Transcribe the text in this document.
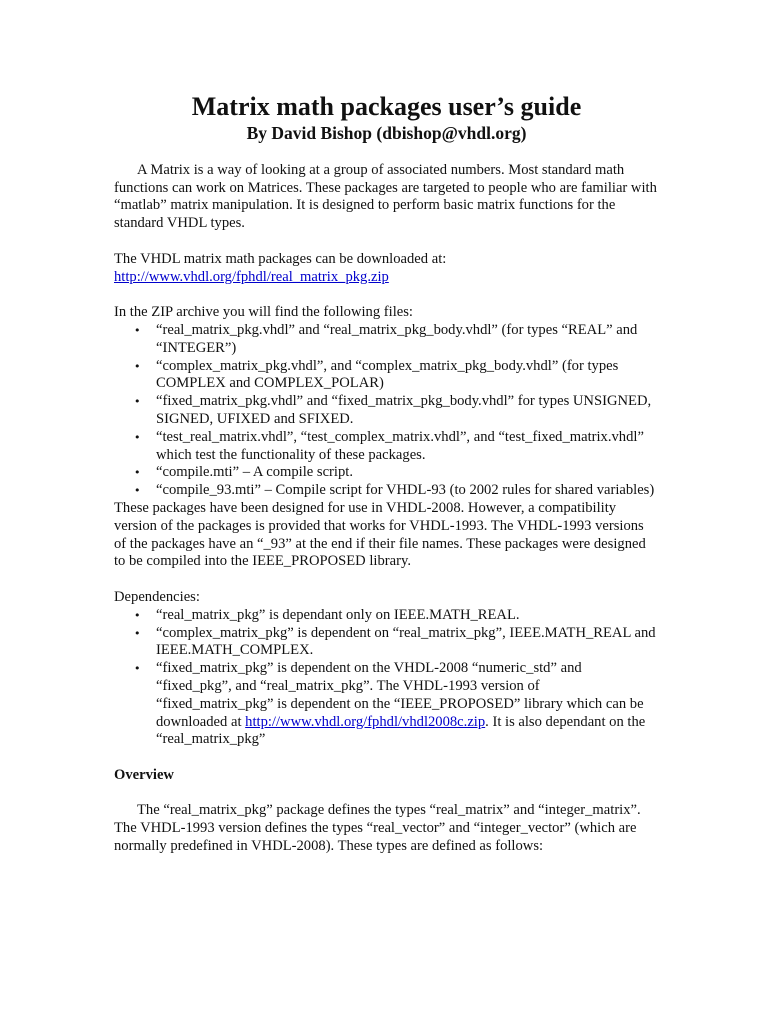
Matrix math packages user’s guide
By David Bishop (dbishop@vhdl.org)

A Matrix is a way of looking at a group of associated numbers. Most standard math functions can work on Matrices. These packages are targeted to people who are familiar with “matlab” matrix manipulation. It is designed to perform basic matrix functions for the standard VHDL types.

The VHDL matrix math packages can be downloaded at:

http://www.vhdl.org/fphdl/real_matrix_pkg.zip

In the ZIP archive you will find the following files:

• “real_matrix_pkg.vhdl” and “real_matrix_pkg_body.vhdl” (for types “REAL” and “INTEGER”)
• “complex_matrix_pkg.vhdl”, and “complex_matrix_pkg_body.vhdl” (for types COMPLEX and COMPLEX_POLAR)
• “fixed_matrix_pkg.vhdl” and “fixed_matrix_pkg_body.vhdl” for types UNSIGNED, SIGNED, UFIXED and SFIXED.
• “test_real_matrix.vhdl”, “test_complex_matrix.vhdl”, and “test_fixed_matrix.vhdl” which test the functionality of these packages.
• “compile.mti” – A compile script.
• “compile_93.mti” – Compile script for VHDL-93 (to 2002 rules for shared variables)

These packages have been designed for use in VHDL-2008. However, a compatibility version of the packages is provided that works for VHDL-1993. The VHDL-1993 versions of the packages have an “_93” at the end if their file names. These packages were designed to be compiled into the IEEE_PROPOSED library.

Dependencies:

• “real_matrix_pkg” is dependant only on IEEE.MATH_REAL.
• “complex_matrix_pkg” is dependent on “real_matrix_pkg”, IEEE.MATH_REAL and IEEE.MATH_COMPLEX.
• “fixed_matrix_pkg” is dependent on the VHDL-2008 “numeric_std” and “fixed_pkg”, and “real_matrix_pkg”. The VHDL-1993 version of “fixed_matrix_pkg” is dependent on the “IEEE_PROPOSED” library which can be downloaded at http://www.vhdl.org/fphdl/vhdl2008c.zip. It is also dependant on the “real_matrix_pkg”

Overview

The “real_matrix_pkg” package defines the types “real_matrix” and “integer_matrix”. The VHDL-1993 version defines the types “real_vector” and “integer_vector” (which are normally predefined in VHDL-2008). These types are defined as follows:
